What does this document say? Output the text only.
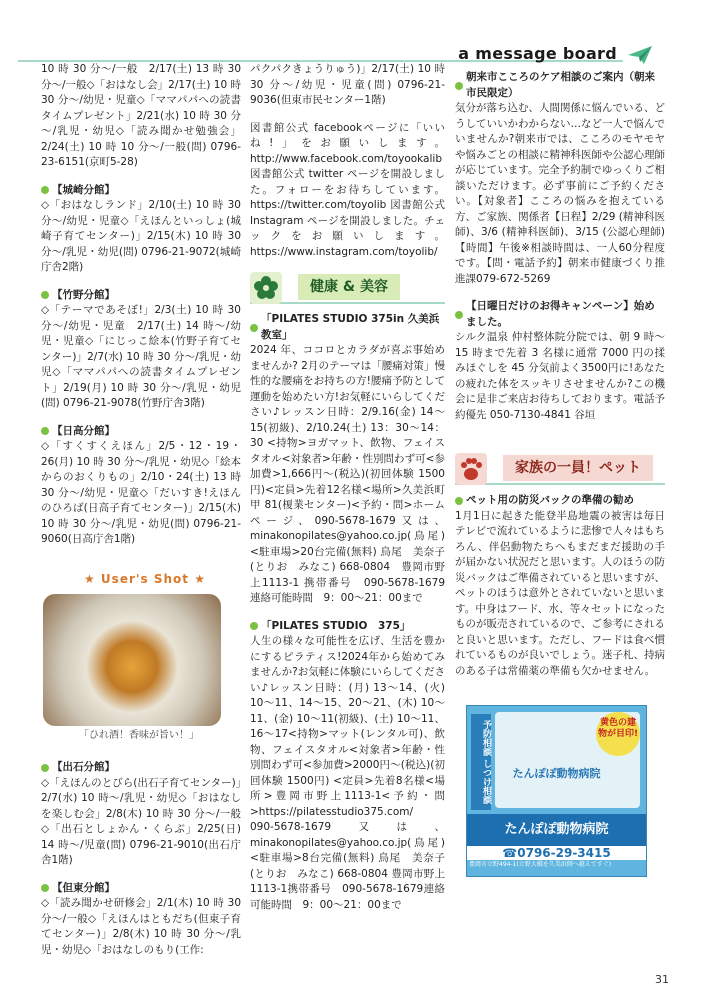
a message board

10 時 30 分～/一般　2/17(土) 13 時 30 分～/一般◇「おはなし会」2/17(土) 10 時 30 分～/幼児・児童◇「ママパパへの読書タイムプレゼント」2/21(水) 10 時 30 分～/乳児・幼児◇「読み聞かせ勉強会」2/24(土) 10 時 10 分～/一般(問) 0796-23-6151(京町5-28)

【城崎分館】

◇「おはなしランド」2/10(土) 10 時 30 分～/幼児・児童◇「えほんといっしょ(城崎子育てセンター)」2/15(木) 10 時 30 分～/乳児・幼児(問) 0796-21-9072(城崎庁舎2階)

【竹野分館】

◇「テーマであそぼ!」2/3(土) 10 時 30 分～/幼児・児童　2/17(土) 14 時～/幼児・児童◇「にじっこ絵本(竹野子育てセンター)」2/7(水) 10 時 30 分～/乳児・幼児◇「ママパパへの読書タイムプレゼント」2/19(月) 10 時 30 分～/乳児・幼児(問) 0796-21-9078(竹野庁舎3階)

【日高分館】

◇「すくすくえほん」2/5・12・19・26(月) 10 時 30 分～/乳児・幼児◇「絵本からのおくりもの」2/10・24(土) 13 時 30 分～/幼児・児童◇「だいすき!えほんのひろば(日高子育てセンター)」2/15(木) 10 時 30 分～/乳児・幼児(問) 0796-21-9060(日高庁舎1階)

★ User's Shot ★
「ひれ酒！香味が旨い！」
【出石分館】

◇「えほんのとびら(出石子育てセンター)」2/7(水) 10 時～/乳児・幼児◇「おはなしを楽しむ会」2/8(木) 10 時 30 分～/一般◇「出石としょかん・くらぶ」2/25(日) 14 時～/児童(問) 0796-21-9010(出石庁舎1階)

【但東分館】

◇「読み聞かせ研修会」2/1(木) 10 時 30 分～/一般◇「えほんはともだち(但東子育てセンター)」2/8(木) 10 時 30 分～/乳児・幼児◇「おはなしのもり(工作:

パクパクきょうりゅう)」2/17(土) 10 時 30 分～/幼児・児童(問) 0796-21-9036(但東市民センター1階)

図書館公式 facebookページに「いいね!」をお願いします。http://www.facebook.com/toyookalib 図書館公式 twitter ページを開設しました。フォローをお待ちしています。https://twitter.com/toyolib 図書館公式 Instagram ページを開設しました。チェックをお願いします。https://www.instagram.com/toyolib/

健康 & 美容
「PILATES STUDIO 375in 久美浜教室」

2024 年、ココロとカラダが喜ぶ事始めませんか? 2月のテーマは「腰痛対策」慢性的な腰痛をお持ちの方!腰痛予防として運動を始めたい方!お気軽にいらしてください♪レッスン日時：2/9.16(金) 14～15(初級)、2/10.24(土) 13：30～14：30 <持物>ヨガマット、飲物、フェイスタオル<対象者>年齢・性別問わず可<参加費>1,666円～(税込)(初回体験 1500円)<定員>先着12名様<場所>久美浜町甲 81(榎業センター)<予約・問>ホームページ、090-5678-1679又は、minakonopilates@yahoo.co.jp(鳥尾)<駐車場>20台完備(無料) 鳥尾　美奈子(とりお　みなこ) 668-0804　豊岡市野上1113-1 携帯番号　090-5678-1679 連絡可能時間　9：00～21：00まで

「PILATES STUDIO　375」

人生の様々な可能性を広げ、生活を豊かにするピラティス!2024年から始めてみませんか?お気軽に体験にいらしてください♪レッスン日時：(月) 13～14、(火) 10～11、14～15、20～21、(木) 10～11、(金) 10～11(初級)、(土) 10～11、16～17<持物>マット(レンタル可)、飲物、フェイスタオル<対象者>年齢・性別問わず可<参加費>2000円～(税込)(初回体験 1500円) <定員>先着8名様<場所>豊岡市野上1113-1<予約・問>https://pilatesstudio375.com/　090-5678-1679又は、minakonopilates@yahoo.co.jp(鳥尾)<駐車場>8台完備(無料) 鳥尾　美奈子(とりお　みなこ) 668-0804 豊岡市野上1113-1携帯番号　090-5678-1679連絡可能時間　9：00～21：00まで

朝来市こころのケア相談のご案内（朝来市民限定）

気分が落ち込む、人間関係に悩んでいる、どうしていいかわからない…など一人で悩んでいませんか?朝来市では、こころのモヤモヤや悩みごとの相談に精神科医師や公認心理師が応じています。完全予約制でゆっくりご相談いただけます。必ず事前にご予約ください。【対象者】こころの悩みを抱えている方、ご家族、関係者【日程】2/29 (精神科医師)、3/6 (精神科医師)、3/15 (公認心理師)【時間】午後※相談時間は、一人60分程度です。【問・電話予約】朝来市健康づくり推進課079-672-5269

【日曜日だけのお得キャンペーン】始めました。

シルク温泉 仲村整体院分院では、朝 9 時～15 時まで先着 3 名様に通常 7000 円の揉みほぐしを 45 分気前よく3500円に!あなたの疲れた体をスッキリさせませんか?この機会に是非ご来店お待ちしております。電話予約優先 050-7130-4841 谷垣

家族の一員！ペット
ペット用の防災バックの準備の勧め

1月1日に起きた能登半島地震の被害は毎日テレビで流れているように悲惨で人々はもちろん、伴侶動物たちへもまだまだ援助の手が届かない状況だと思います。人のほうの防災バックはご準備されていると思いますが、ペットのほうは意外とされていないと思います。中身はフード、水、等々セットになったものが販売されているので、ご参考にされると良いと思います。ただし、フードは食べ慣れているものが良いでしょう。迷子札、持病のある子は常備薬の準備も欠かせません。

予防相談 しつけ相談	黄色の建物が目印!
たんぽぽ動物病院
たんぽぽ動物病院
☎0796-29-3415
豊岡市立野494-1(立野大橋を久美浜側へ越えてすぐ)
31
